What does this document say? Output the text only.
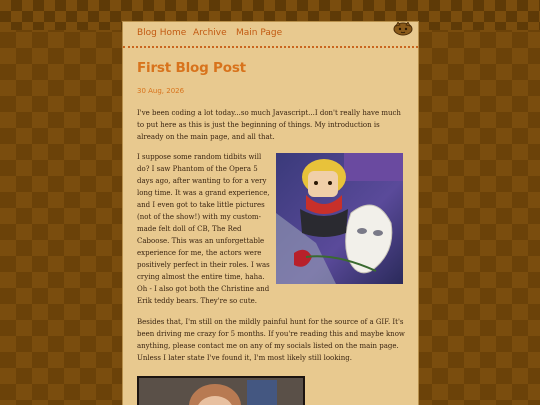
Blog Home Archive Main Page
First Blog Post
30 Aug, 2026

I've been coding a lot today...so much Javascript...I don't really have much to put here as this is just the beginning of things. My introduction is already on the main page, and all that.

I suppose some random tidbits will do? I saw Phantom of the Opera 5 days ago, after wanting to for a very long time. It was a grand experience, and I even got to take little pictures (not of the show!) with my custom-made felt doll of CB, The Red Caboose. This was an unforgettable experience for me, the actors were positively perfect in their roles. I was crying almost the entire time, haha. Oh - I also got both the Christine and Erik teddy bears. They're so cute.

Besides that, I'm still on the mildly painful hunt for the source of a GIF. It's been driving me crazy for 5 months. If you're reading this and maybe know anything, please contact me on any of my socials listed on the main page. Unless I later state I've found it, I'm most likely still looking.
